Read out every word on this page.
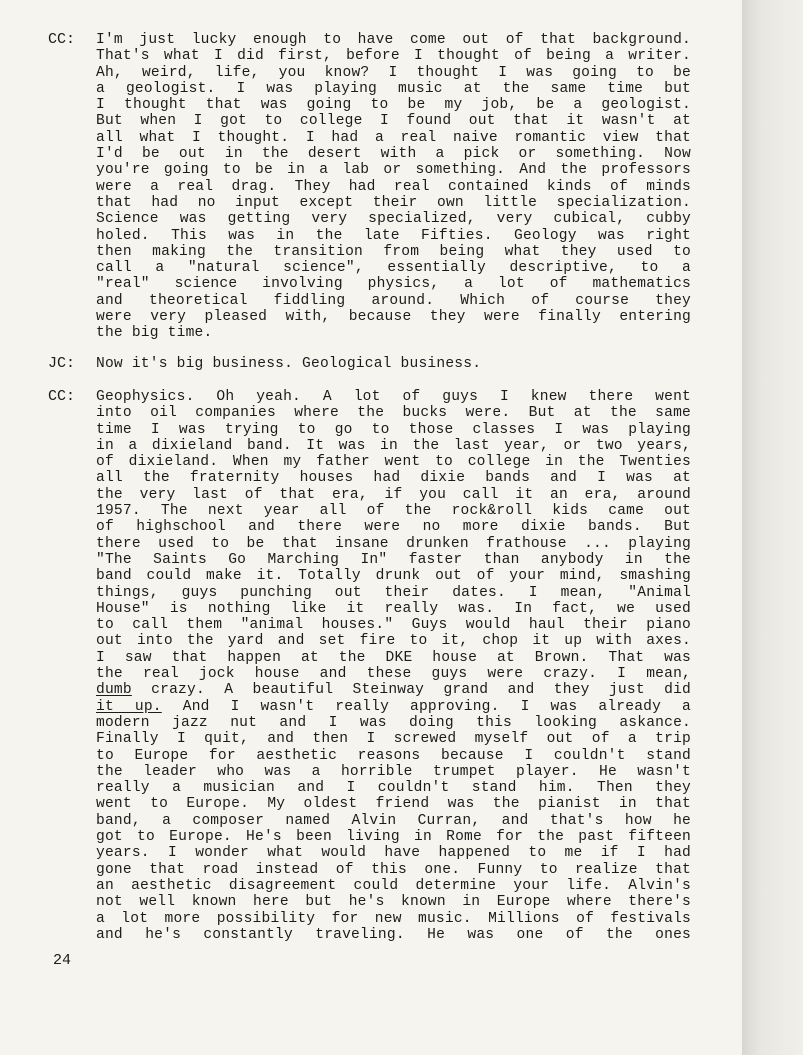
CC:	I'm just lucky enough to have come out of that background.
That's what I did first, before I thought of being a writer.
Ah, weird, life, you know? I thought I was going to be
a geologist. I was playing music at the same time but
I thought that was going to be my job, be a geologist.
But when I got to college I found out that it wasn't at
all what I thought. I had a real naive romantic view that
I'd be out in the desert with a pick or something. Now
you're going to be in a lab or something. And the professors
were a real drag. They had real contained kinds of minds
that had no input except their own little specialization.
Science was getting very specialized, very cubical, cubby
holed. This was in the late Fifties. Geology was right
then making the transition from being what they used to
call a "natural science", essentially descriptive, to a
"real" science involving physics, a lot of mathematics
and theoretical fiddling around. Which of course they
were very pleased with, because they were finally entering
the big time.
JC:	Now it's big business. Geological business.
CC:	Geophysics. Oh yeah. A lot of guys I knew there went
into oil companies where the bucks were. But at the same
time I was trying to go to those classes I was playing
in a dixieland band. It was in the last year, or two years,
of dixieland. When my father went to college in the Twenties
all the fraternity houses had dixie bands and I was at
the very last of that era, if you call it an era, around
1957. The next year all of the rock&roll kids came out
of highschool and there were no more dixie bands. But
there used to be that insane drunken frathouse ... playing
"The Saints Go Marching In" faster than anybody in the
band could make it. Totally drunk out of your mind, smashing
things, guys punching out their dates. I mean, "Animal
House" is nothing like it really was. In fact, we used
to call them "animal houses." Guys would haul their piano
out into the yard and set fire to it, chop it up with axes.
I saw that happen at the DKE house at Brown. That was
the real jock house and these guys were crazy. I mean,
dumb crazy. A beautiful Steinway grand and they just did
it up. And I wasn't really approving. I was already a
modern jazz nut and I was doing this looking askance.
Finally I quit, and then I screwed myself out of a trip
to Europe for aesthetic reasons because I couldn't stand
the leader who was a horrible trumpet player. He wasn't
really a musician and I couldn't stand him. Then they
went to Europe. My oldest friend was the pianist in that
band, a composer named Alvin Curran, and that's how he
got to Europe. He's been living in Rome for the past fifteen
years. I wonder what would have happened to me if I had
gone that road instead of this one. Funny to realize that
an aesthetic disagreement could determine your life. Alvin's
not well known here but he's known in Europe where there's
a lot more possibility for new music. Millions of festivals
and he's constantly traveling. He was one of the ones
24
